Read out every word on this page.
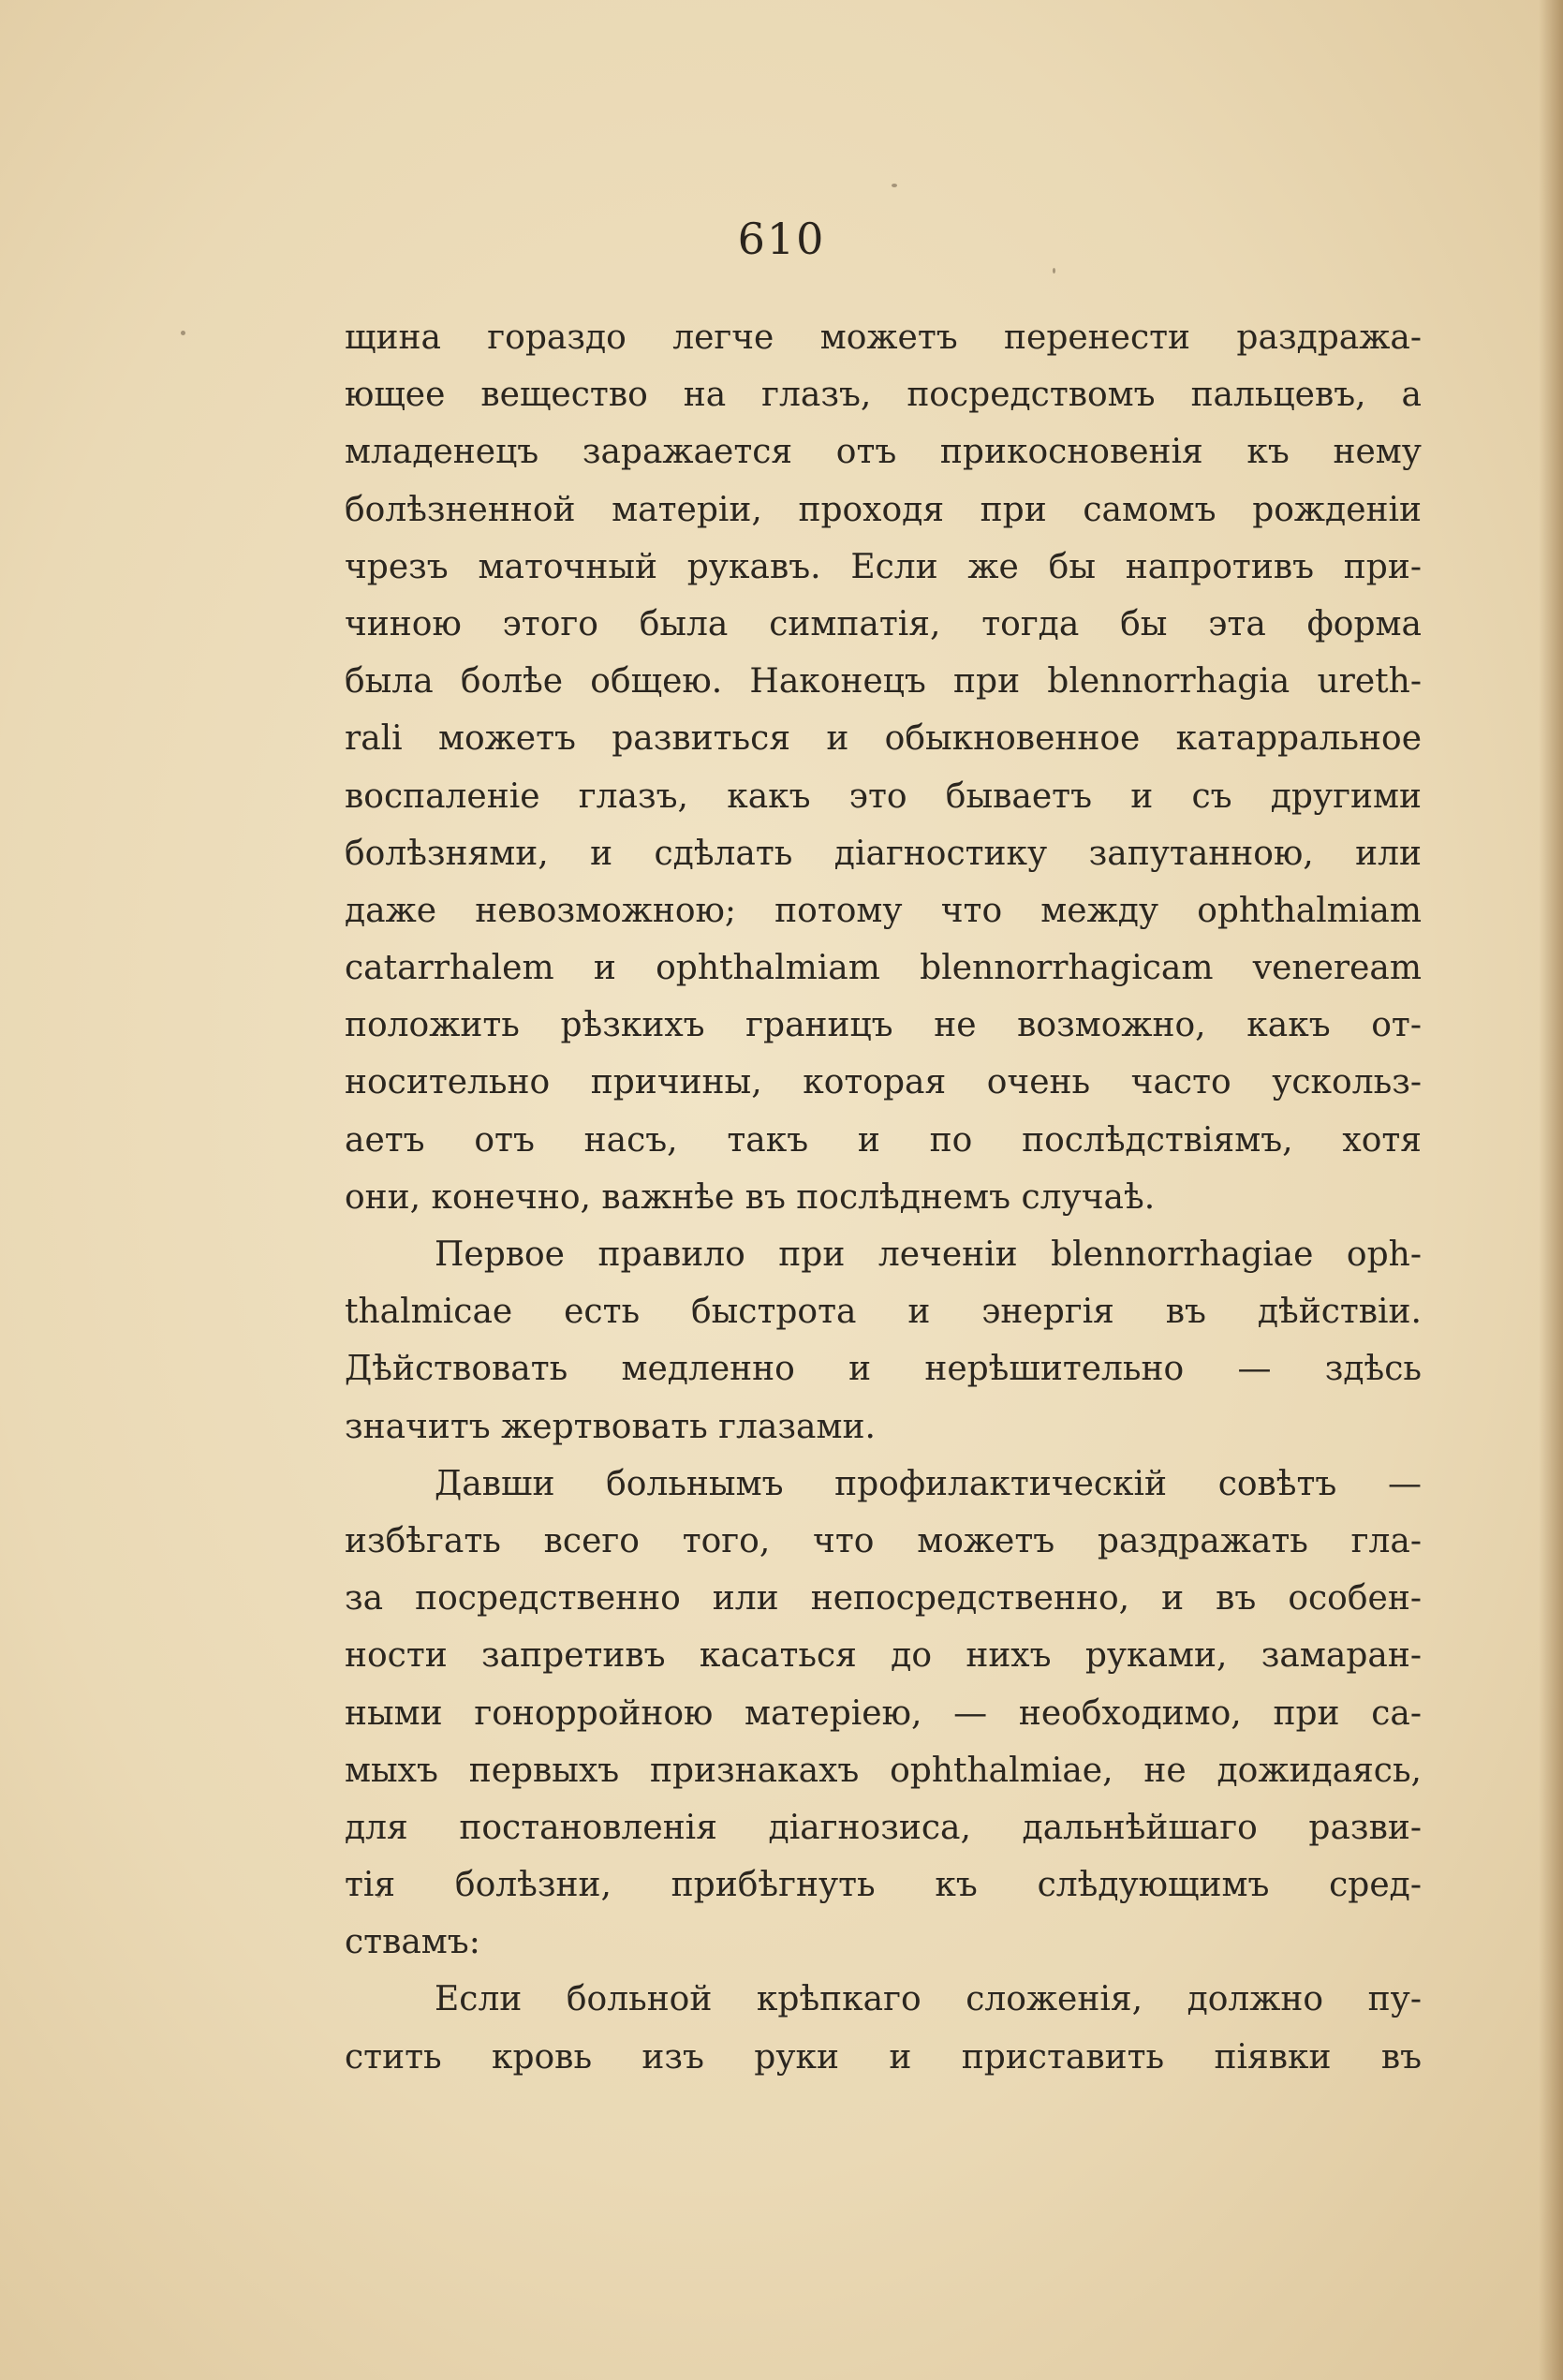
610
щина гораздо легче можетъ перенести раздража-
ющее вещество на глазъ, посредствомъ пальцевъ, а
младенецъ заражается отъ прикосновенія къ нему
болѣзненной матеріи, проходя при самомъ рожденіи
чрезъ маточный рукавъ. Если же бы напротивъ при-
чиною этого была симпатія, тогда бы эта форма
была болѣе общею. Наконецъ при blennorrhagia ureth-
rali можетъ развиться и обыкновенное катарральное
воспаленіе глазъ, какъ это бываетъ и съ другими
болѣзнями, и сдѣлать діагностику запутанною, или
даже невозможною; потому что между ophthalmiam
catarrhalem и ophthalmiam blennorrhagicam veneream
положить рѣзкихъ границъ не возможно, какъ от-
носительно причины, которая очень часто ускольз-
аетъ отъ насъ, такъ и по послѣдствіямъ, хотя
они, конечно, важнѣе въ послѣднемъ случаѣ.
Первое правило при леченіи blennorrhagiae oph-
thalmicae есть быстрота и энергія въ дѣйствіи.
Дѣйствовать медленно и нерѣшительно — здѣсь
значитъ жертвовать глазами.
Давши больнымъ профилактическій совѣтъ —
избѣгать всего того, что можетъ раздражать гла-
за посредственно или непосредственно, и въ особен-
ности запретивъ касаться до нихъ руками, замаран-
ными гонорройною матеріею, — необходимо, при са-
мыхъ первыхъ признакахъ ophthalmiae, не дожидаясь,
для постановленія діагнозиса, дальнѣйшаго разви-
тія болѣзни, прибѣгнуть къ слѣдующимъ сред-
ствамъ:
Если больной крѣпкаго сложенія, должно пу-
стить кровь изъ руки и приставить піявки въ
